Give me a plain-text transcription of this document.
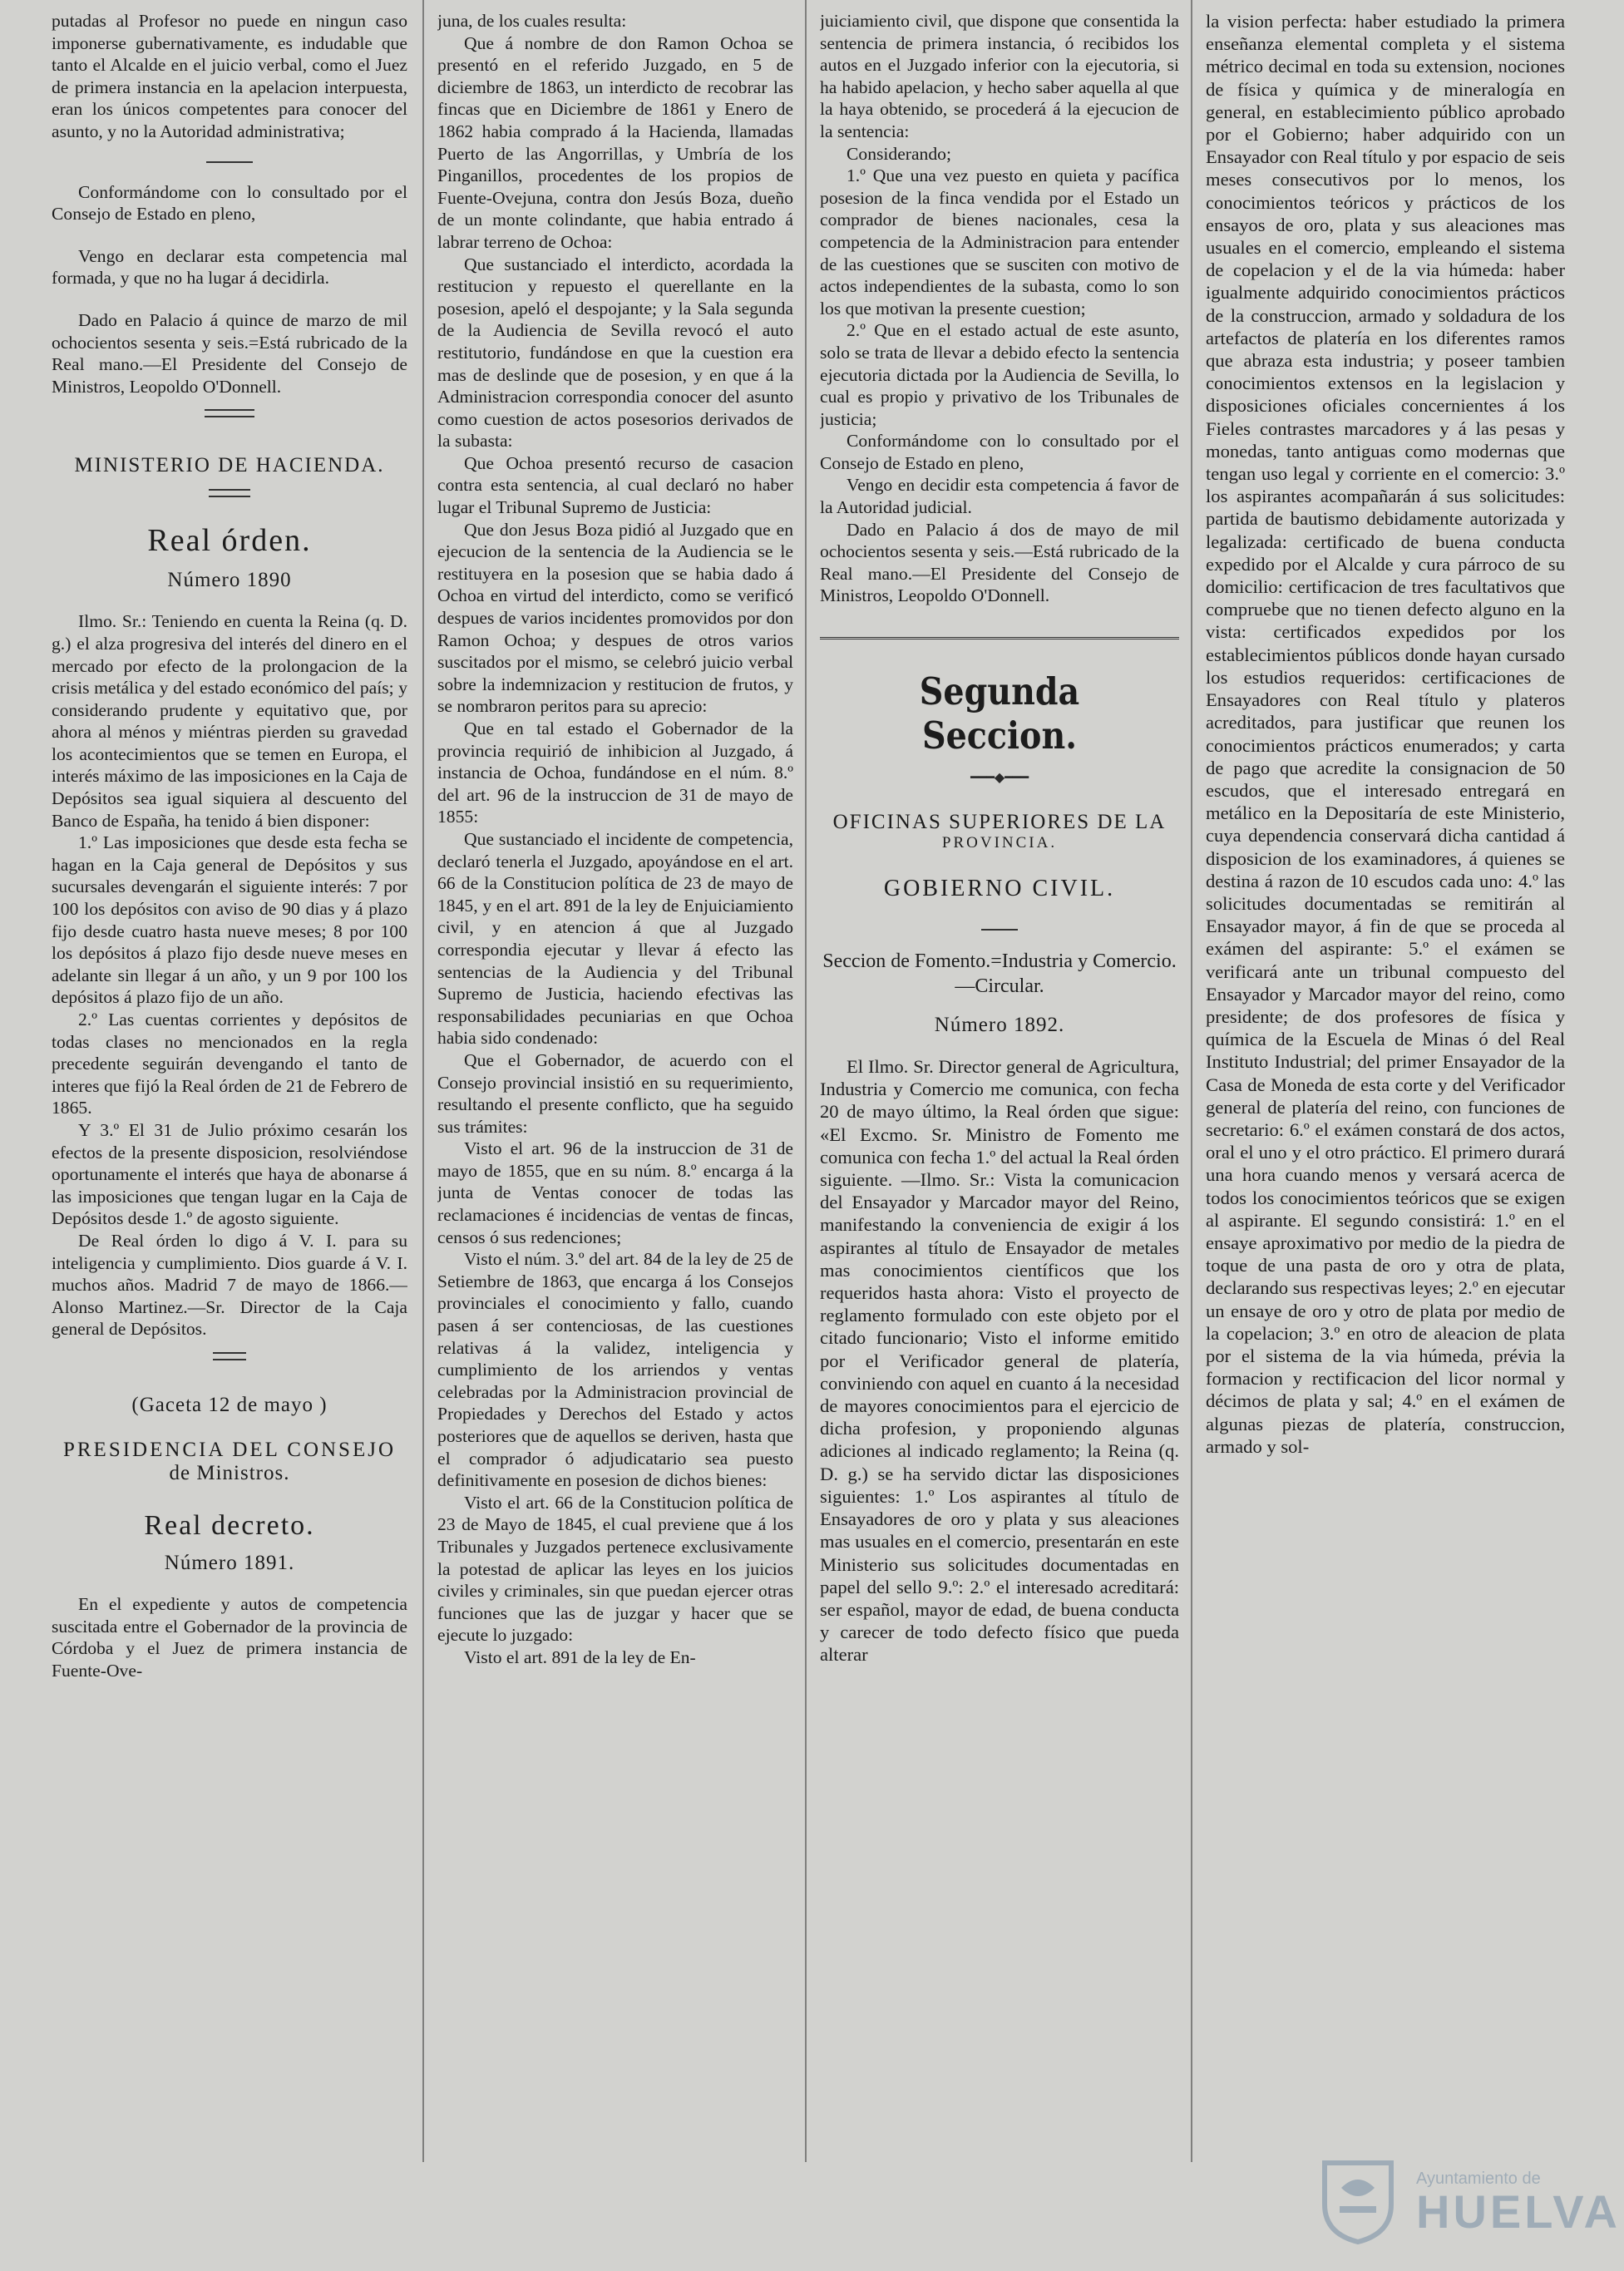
putadas al Profesor no puede en ningun caso imponerse gubernativamente, es indudable que tanto el Alcalde en el juicio verbal, como el Juez de primera instancia en la apelacion interpuesta, eran los únicos competentes para conocer del asunto, y no la Autoridad administrativa;

Conformándome con lo consultado por el Consejo de Estado en pleno,

Vengo en declarar esta competencia mal formada, y que no ha lugar á decidirla.

Dado en Palacio á quince de marzo de mil ochocientos sesenta y seis.=Está rubricado de la Real mano.—El Presidente del Consejo de Ministros, Leopoldo O'Donnell.

MINISTERIO DE HACIENDA.
Real órden.
Número 1890

Ilmo. Sr.: Teniendo en cuenta la Reina (q. D. g.) el alza progresiva del interés del dinero en el mercado por efecto de la prolongacion de la crisis metálica y del estado económico del país; y considerando prudente y equitativo que, por ahora al ménos y miéntras pierden su gravedad los acontecimientos que se temen en Europa, el interés máximo de las imposiciones en la Caja de Depósitos sea igual siquiera al descuento del Banco de España, ha tenido á bien disponer:

1.º Las imposiciones que desde esta fecha se hagan en la Caja general de Depósitos y sus sucursales devengarán el siguiente interés: 7 por 100 los depósitos con aviso de 90 dias y á plazo fijo desde cuatro hasta nueve meses; 8 por 100 los depósitos á plazo fijo desde nueve meses en adelante sin llegar á un año, y un 9 por 100 los depósitos á plazo fijo de un año.

2.º Las cuentas corrientes y depósitos de todas clases no mencionados en la regla precedente seguirán devengando el tanto de interes que fijó la Real órden de 21 de Febrero de 1865.

Y 3.º El 31 de Julio próximo cesarán los efectos de la presente disposicion, resolviéndose oportunamente el interés que haya de abonarse á las imposiciones que tengan lugar en la Caja de Depósitos desde 1.º de agosto siguiente.

De Real órden lo digo á V. I. para su inteligencia y cumplimiento. Dios guarde á V. I. muchos años. Madrid 7 de mayo de 1866.—Alonso Martinez.—Sr. Director de la Caja general de Depósitos.

(Gaceta 12 de mayo )
PRESIDENCIA DEL CONSEJO
de Ministros.
Real decreto.
Número 1891.

En el expediente y autos de competencia suscitada entre el Gobernador de la provincia de Córdoba y el Juez de primera instancia de Fuente-Ove-

juna, de los cuales resulta:

Que á nombre de don Ramon Ochoa se presentó en el referido Juzgado, en 5 de diciembre de 1863, un interdicto de recobrar las fincas que en Diciembre de 1861 y Enero de 1862 habia comprado á la Hacienda, llamadas Puerto de las Angorrillas, y Umbría de los Pinganillos, procedentes de los propios de Fuente-Ovejuna, contra don Jesús Boza, dueño de un monte colindante, que habia entrado á labrar terreno de Ochoa:

Que sustanciado el interdicto, acordada la restitucion y repuesto el querellante en la posesion, apeló el despojante; y la Sala segunda de la Audiencia de Sevilla revocó el auto restitutorio, fundándose en que la cuestion era mas de deslinde que de posesion, y en que á la Administracion correspondia conocer del asunto como cuestion de actos posesorios derivados de la subasta:

Que Ochoa presentó recurso de casacion contra esta sentencia, al cual declaró no haber lugar el Tribunal Supremo de Justicia:

Que don Jesus Boza pidió al Juzgado que en ejecucion de la sentencia de la Audiencia se le restituyera en la posesion que se habia dado á Ochoa en virtud del interdicto, como se verificó despues de varios incidentes promovidos por don Ramon Ochoa; y despues de otros varios suscitados por el mismo, se celebró juicio verbal sobre la indemnizacion y restitucion de frutos, y se nombraron peritos para su aprecio:

Que en tal estado el Gobernador de la provincia requirió de inhibicion al Juzgado, á instancia de Ochoa, fundándose en el núm. 8.º del art. 96 de la instruccion de 31 de mayo de 1855:

Que sustanciado el incidente de competencia, declaró tenerla el Juzgado, apoyándose en el art. 66 de la Constitucion política de 23 de mayo de 1845, y en el art. 891 de la ley de Enjuiciamiento civil, y en atencion á que al Juzgado correspondia ejecutar y llevar á efecto las sentencias de la Audiencia y del Tribunal Supremo de Justicia, haciendo efectivas las responsabilidades pecuniarias en que Ochoa habia sido condenado:

Que el Gobernador, de acuerdo con el Consejo provincial insistió en su requerimiento, resultando el presente conflicto, que ha seguido sus trámites:

Visto el art. 96 de la instruccion de 31 de mayo de 1855, que en su núm. 8.º encarga á la junta de Ventas conocer de todas las reclamaciones é incidencias de ventas de fincas, censos ó sus redenciones;

Visto el núm. 3.º del art. 84 de la ley de 25 de Setiembre de 1863, que encarga á los Consejos provinciales el conocimiento y fallo, cuando pasen á ser contenciosas, de las cuestiones relativas á la validez, inteligencia y cumplimiento de los arriendos y ventas celebradas por la Administracion provincial de Propiedades y Derechos del Estado y actos posteriores que de aquellos se deriven, hasta que el comprador ó adjudicatario sea puesto definitivamente en posesion de dichos bienes:

Visto el art. 66 de la Constitucion política de 23 de Mayo de 1845, el cual previene que á los Tribunales y Juzgados pertenece exclusivamente la potestad de aplicar las leyes en los juicios civiles y criminales, sin que puedan ejercer otras funciones que las de juzgar y hacer que se ejecute lo juzgado:

Visto el art. 891 de la ley de En-

juiciamiento civil, que dispone que consentida la sentencia de primera instancia, ó recibidos los autos en el Juzgado inferior con la ejecutoria, si ha habido apelacion, y hecho saber aquella al que la haya obtenido, se procederá á la ejecucion de la sentencia:

Considerando;

1.º Que una vez puesto en quieta y pacífica posesion de la finca vendida por el Estado un comprador de bienes nacionales, cesa la competencia de la Administracion para entender de las cuestiones que se susciten con motivo de actos independientes de la subasta, como lo son los que motivan la presente cuestion;

2.º Que en el estado actual de este asunto, solo se trata de llevar a debido efecto la sentencia ejecutoria dictada por la Audiencia de Sevilla, lo cual es propio y privativo de los Tribunales de justicia;

Conformándome con lo consultado por el Consejo de Estado en pleno,

Vengo en decidir esta competencia á favor de la Autoridad judicial.

Dado en Palacio á dos de mayo de mil ochocientos sesenta y seis.—Está rubricado de la Real mano.—El Presidente del Consejo de Ministros, Leopoldo O'Donnell.

Segunda Seccion.
━━━◆━━━
OFICINAS SUPERIORES DE LA
PROVINCIA.
GOBIERNO CIVIL.
Seccion de Fomento.=Industria y Comercio.—Circular.
Número 1892.

El Ilmo. Sr. Director general de Agricultura, Industria y Comercio me comunica, con fecha 20 de mayo último, la Real órden que sigue: «El Excmo. Sr. Ministro de Fomento me comunica con fecha 1.º del actual la Real órden siguiente. —Ilmo. Sr.: Vista la comunicacion del Ensayador y Marcador mayor del Reino, manifestando la conveniencia de exigir á los aspirantes al título de Ensayador de metales mas conocimientos científicos que los requeridos hasta ahora: Visto el proyecto de reglamento formulado con este objeto por el citado funcionario; Visto el informe emitido por el Verificador general de platería, conviniendo con aquel en cuanto á la necesidad de mayores conocimientos para el ejercicio de dicha profesion, y proponiendo algunas adiciones al indicado reglamento; la Reina (q. D. g.) se ha servido dictar las disposiciones siguientes: 1.º Los aspirantes al título de Ensayadores de oro y plata y sus aleaciones mas usuales en el comercio, presentarán en este Ministerio sus solicitudes documentadas en papel del sello 9.º: 2.º el interesado acreditará: ser español, mayor de edad, de buena conducta y carecer de todo defecto físico que pueda alterar

la vision perfecta: haber estudiado la primera enseñanza elemental completa y el sistema métrico decimal en toda su extension, nociones de física y química y de mineralogía en general, en establecimiento público aprobado por el Gobierno; haber adquirido con un Ensayador con Real título y por espacio de seis meses consecutivos por lo menos, los conocimientos teóricos y prácticos de los ensayos de oro, plata y sus aleaciones mas usuales en el comercio, empleando el sistema de copelacion y el de la via húmeda: haber igualmente adquirido conocimientos prácticos de la construccion, armado y soldadura de los artefactos de platería en los diferentes ramos que abraza esta industria; y poseer tambien conocimientos extensos en la legislacion y disposiciones oficiales concernientes á los Fieles contrastes marcadores y á las pesas y monedas, tanto antiguas como modernas que tengan uso legal y corriente en el comercio: 3.º los aspirantes acompañarán á sus solicitudes: partida de bautismo debidamente autorizada y legalizada: certificado de buena conducta expedido por el Alcalde y cura párroco de su domicilio: certificacion de tres facultativos que compruebe que no tienen defecto alguno en la vista: certificados expedidos por los establecimientos públicos donde hayan cursado los estudios requeridos: certificaciones de Ensayadores con Real título y plateros acreditados, para justificar que reunen los conocimientos prácticos enumerados; y carta de pago que acredite la consignacion de 50 escudos, que el interesado entregará en metálico en la Depositaría de este Ministerio, cuya dependencia conservará dicha cantidad á disposicion de los examinadores, á quienes se destina á razon de 10 escudos cada uno: 4.º las solicitudes documentadas se remitirán al Ensayador mayor, á fin de que se proceda al exámen del aspirante: 5.º el exámen se verificará ante un tribunal compuesto del Ensayador y Marcador mayor del reino, como presidente; de dos profesores de física y química de la Escuela de Minas ó del Real Instituto Industrial; del primer Ensayador de la Casa de Moneda de esta corte y del Verificador general de platería del reino, con funciones de secretario: 6.º el exámen constará de dos actos, oral el uno y el otro práctico. El primero durará una hora cuando menos y versará acerca de todos los conocimientos teóricos que se exigen al aspirante. El segundo consistirá: 1.º en el ensaye aproximativo por medio de la piedra de toque de una pasta de oro y otra de plata, declarando sus respectivas leyes; 2.º en ejecutar un ensaye de oro y otro de plata por medio de la copelacion; 3.º en otro de aleacion de plata por el sistema de la via húmeda, prévia la formacion y rectificacion del licor normal y décimos de plata y sal; 4.º en el exámen de algunas piezas de platería, construccion, armado y sol-

Ayuntamiento de
HUELVA
